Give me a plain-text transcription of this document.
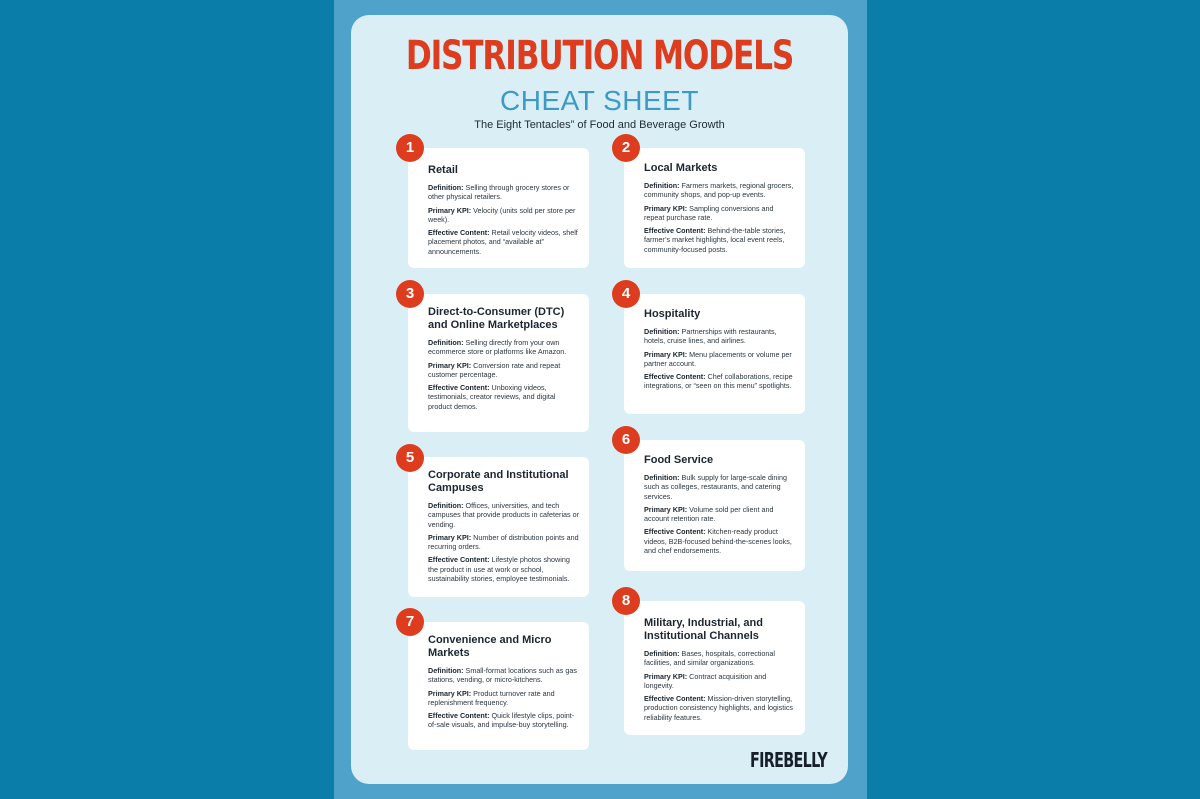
DISTRIBUTION MODELS
CHEAT SHEET
The Eight Tentacles” of Food and Beverage Growth
Retail
Definition: Selling through grocery stores or other physical retailers.
Primary KPI: Velocity (units sold per store per week).
Effective Content: Retail velocity videos, shelf placement photos, and “available at” announcements.
1
Local Markets
Definition: Farmers markets, regional grocers, community shops, and pop-up events.
Primary KPI: Sampling conversions and repeat purchase rate.
Effective Content: Behind-the-table stories, farmer’s market highlights, local event reels, community-focused posts.
2
Direct-to-Consumer (DTC) and Online Marketplaces
Definition: Selling directly from your own ecommerce store or platforms like Amazon.
Primary KPI: Conversion rate and repeat customer percentage.
Effective Content: Unboxing videos, testimonials, creator reviews, and digital product demos.
3
Hospitality
Definition: Partnerships with restaurants, hotels, cruise lines, and airlines.
Primary KPI: Menu placements or volume per partner account.
Effective Content: Chef collaborations, recipe integrations, or “seen on this menu” spotlights.
4
Corporate and Institutional Campuses
Definition: Offices, universities, and tech campuses that provide products in cafeterias or vending.
Primary KPI: Number of distribution points and recurring orders.
Effective Content: Lifestyle photos showing the product in use at work or school, sustainability stories, employee testimonials.
5	Food Service
Definition: Bulk supply for large-scale dining such as colleges, restaurants, and catering services.
Primary KPI: Volume sold per client and account retention rate.
Effective Content: Kitchen-ready product videos, B2B-focused behind-the-scenes looks, and chef endorsements.
6
Convenience and Micro Markets
Definition: Small-format locations such as gas stations, vending, or micro-kitchens.
Primary KPI: Product turnover rate and replenishment frequency.
Effective Content: Quick lifestyle clips, point-of-sale visuals, and impulse-buy storytelling.
7	Military, Industrial, and Institutional Channels
Definition: Bases, hospitals, correctional facilities, and similar organizations.
Primary KPI: Contract acquisition and longevity.
Effective Content: Mission-driven storytelling, production consistency highlights, and logistics reliability features.
8
FIREBELLY
